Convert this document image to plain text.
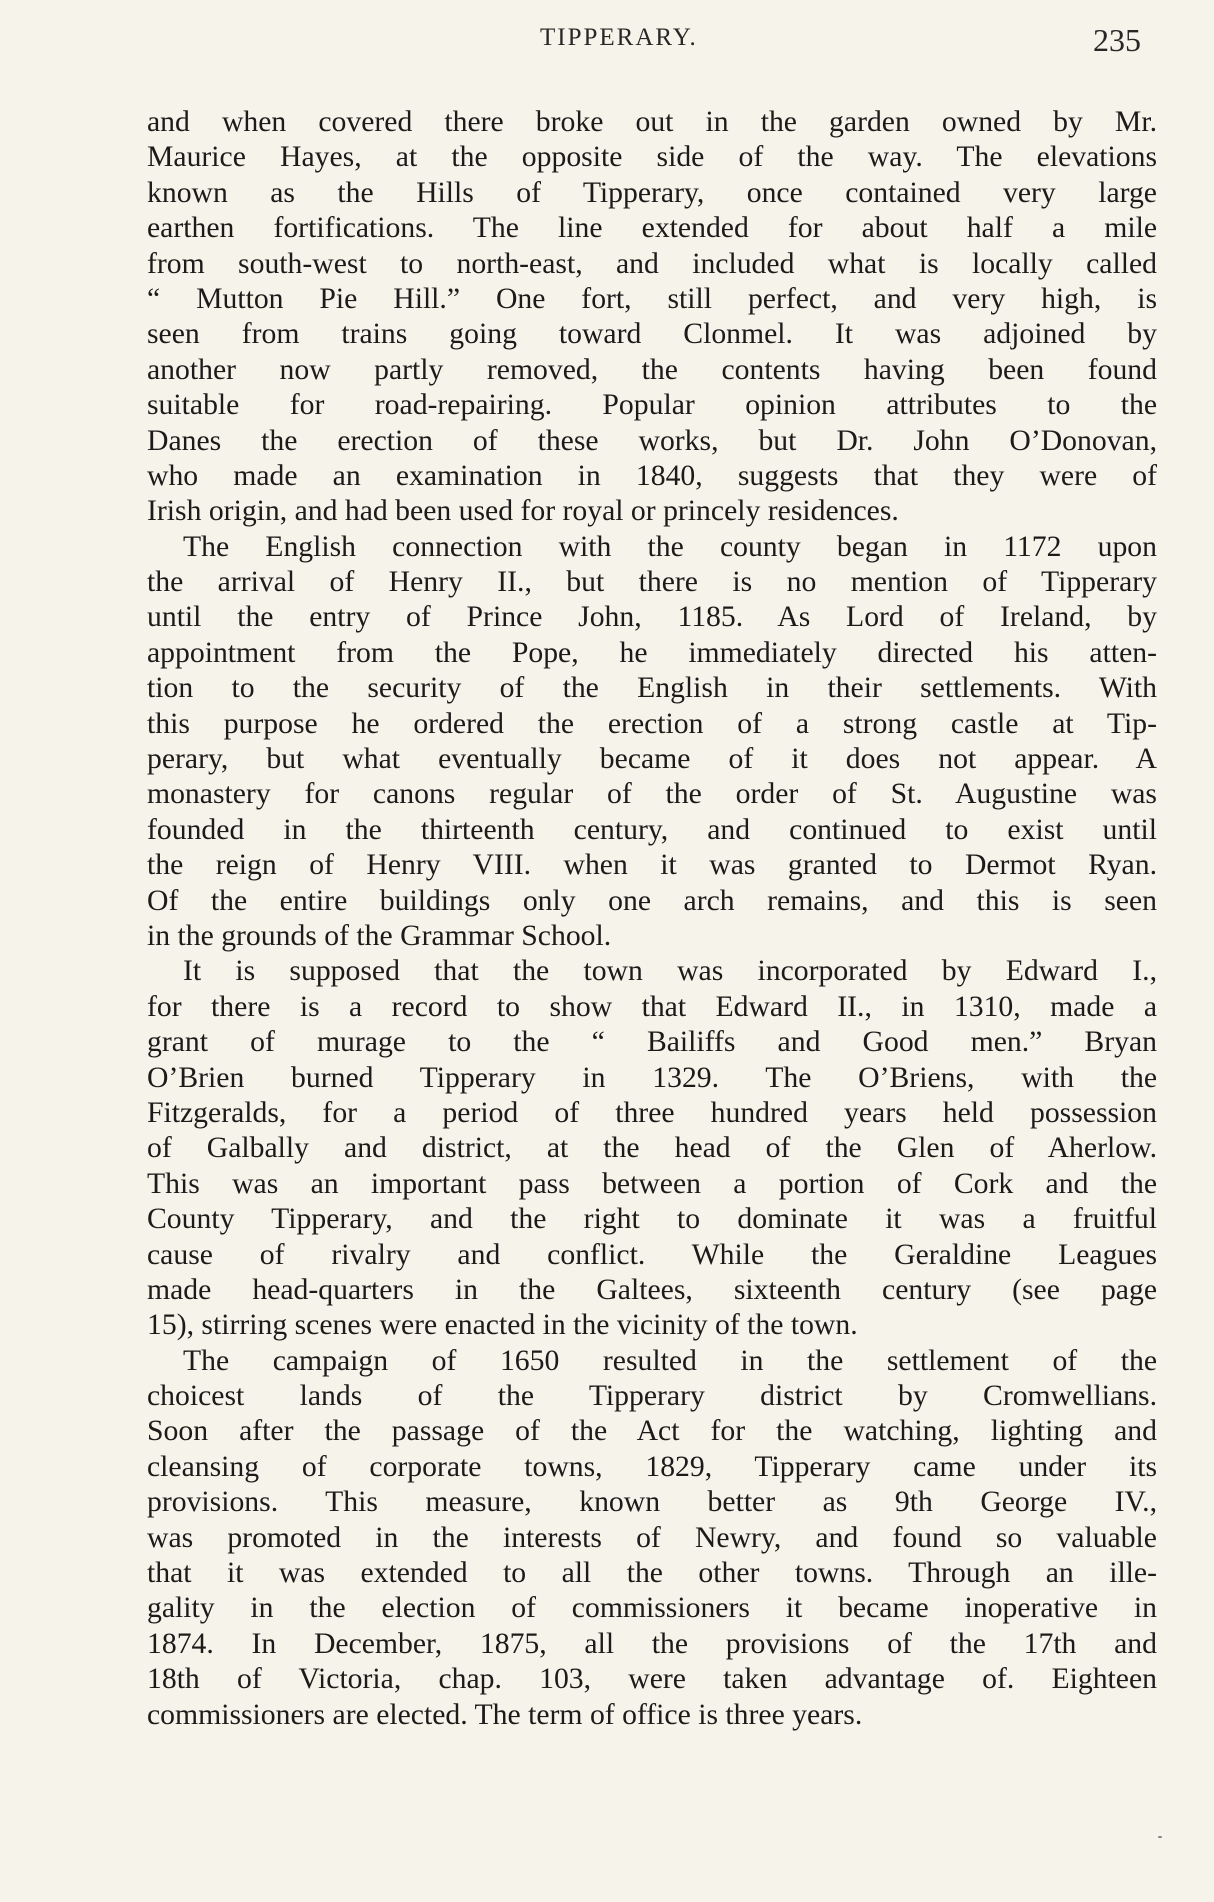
TIPPERARY.	235
and when covered there broke out in the garden owned by Mr.
Maurice Hayes, at the opposite side of the way. The elevations
known as the Hills of Tipperary, once contained very large
earthen fortifications. The line extended for about half a mile
from south-west to north-east, and included what is locally called
“ Mutton Pie Hill.” One fort, still perfect, and very high, is
seen from trains going toward Clonmel. It was adjoined by
another now partly removed, the contents having been found
suitable for road-repairing. Popular opinion attributes to the
Danes the erection of these works, but Dr. John O’Donovan,
who made an examination in 1840, suggests that they were of
Irish origin, and had been used for royal or princely residences.
The English connection with the county began in 1172 upon
the arrival of Henry II., but there is no mention of Tipperary
until the entry of Prince John, 1185. As Lord of Ireland, by
appointment from the Pope, he immediately directed his atten-
tion to the security of the English in their settlements. With
this purpose he ordered the erection of a strong castle at Tip-
perary, but what eventually became of it does not appear. A
monastery for canons regular of the order of St. Augustine was
founded in the thirteenth century, and continued to exist until
the reign of Henry VIII. when it was granted to Dermot Ryan.
Of the entire buildings only one arch remains, and this is seen
in the grounds of the Grammar School.
It is supposed that the town was incorporated by Edward I.,
for there is a record to show that Edward II., in 1310, made a
grant of murage to the “ Bailiffs and Good men.” Bryan
O’Brien burned Tipperary in 1329. The O’Briens, with the
Fitzgeralds, for a period of three hundred years held possession
of Galbally and district, at the head of the Glen of Aherlow.
This was an important pass between a portion of Cork and the
County Tipperary, and the right to dominate it was a fruitful
cause of rivalry and conflict. While the Geraldine Leagues
made head-quarters in the Galtees, sixteenth century (see page
15), stirring scenes were enacted in the vicinity of the town.
The campaign of 1650 resulted in the settlement of the
choicest lands of the Tipperary district by Cromwellians.
Soon after the passage of the Act for the watching, lighting and
cleansing of corporate towns, 1829, Tipperary came under its
provisions. This measure, known better as 9th George IV.,
was promoted in the interests of Newry, and found so valuable
that it was extended to all the other towns. Through an ille-
gality in the election of commissioners it became inoperative in
1874. In December, 1875, all the provisions of the 17th and
18th of Victoria, chap. 103, were taken advantage of. Eighteen
commissioners are elected. The term of office is three years.
